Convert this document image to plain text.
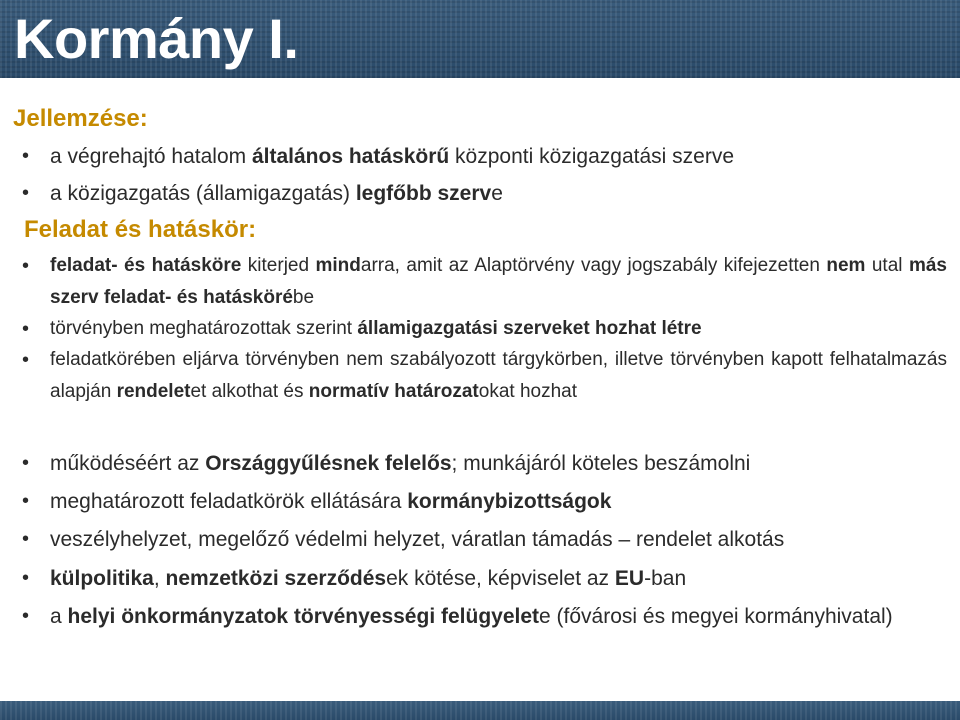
Kormány I.
Jellemzése:
• a végrehajtó hatalom általános hatáskörű központi közigazgatási szerve
• a közigazgatás (államigazgatás) legfőbb szerve
Feladat és hatáskör:
•	feladat- és hatásköre kiterjed mindarra, amit az Alaptörvény vagy jogszabály kifejezetten nem utal más szerv feladat- és hatáskörébe
•	törvényben meghatározottak szerint államigazgatási szerveket hozhat létre
•	feladatkörében eljárva törvényben nem szabályozott tárgykörben, illetve törvényben kapott felhatalmazás alapján rendeletet alkothat és normatív határozatokat hozhat
• működéséért az Országgyűlésnek felelős; munkájáról köteles beszámolni
• meghatározott feladatkörök ellátására kormánybizottságok
• veszélyhelyzet, megelőző védelmi helyzet, váratlan támadás – rendelet alkotás
• külpolitika, nemzetközi szerződések kötése, képviselet az EU-ban
• a helyi önkormányzatok törvényességi felügyelete (fővárosi és megyei kormányhivatal)
